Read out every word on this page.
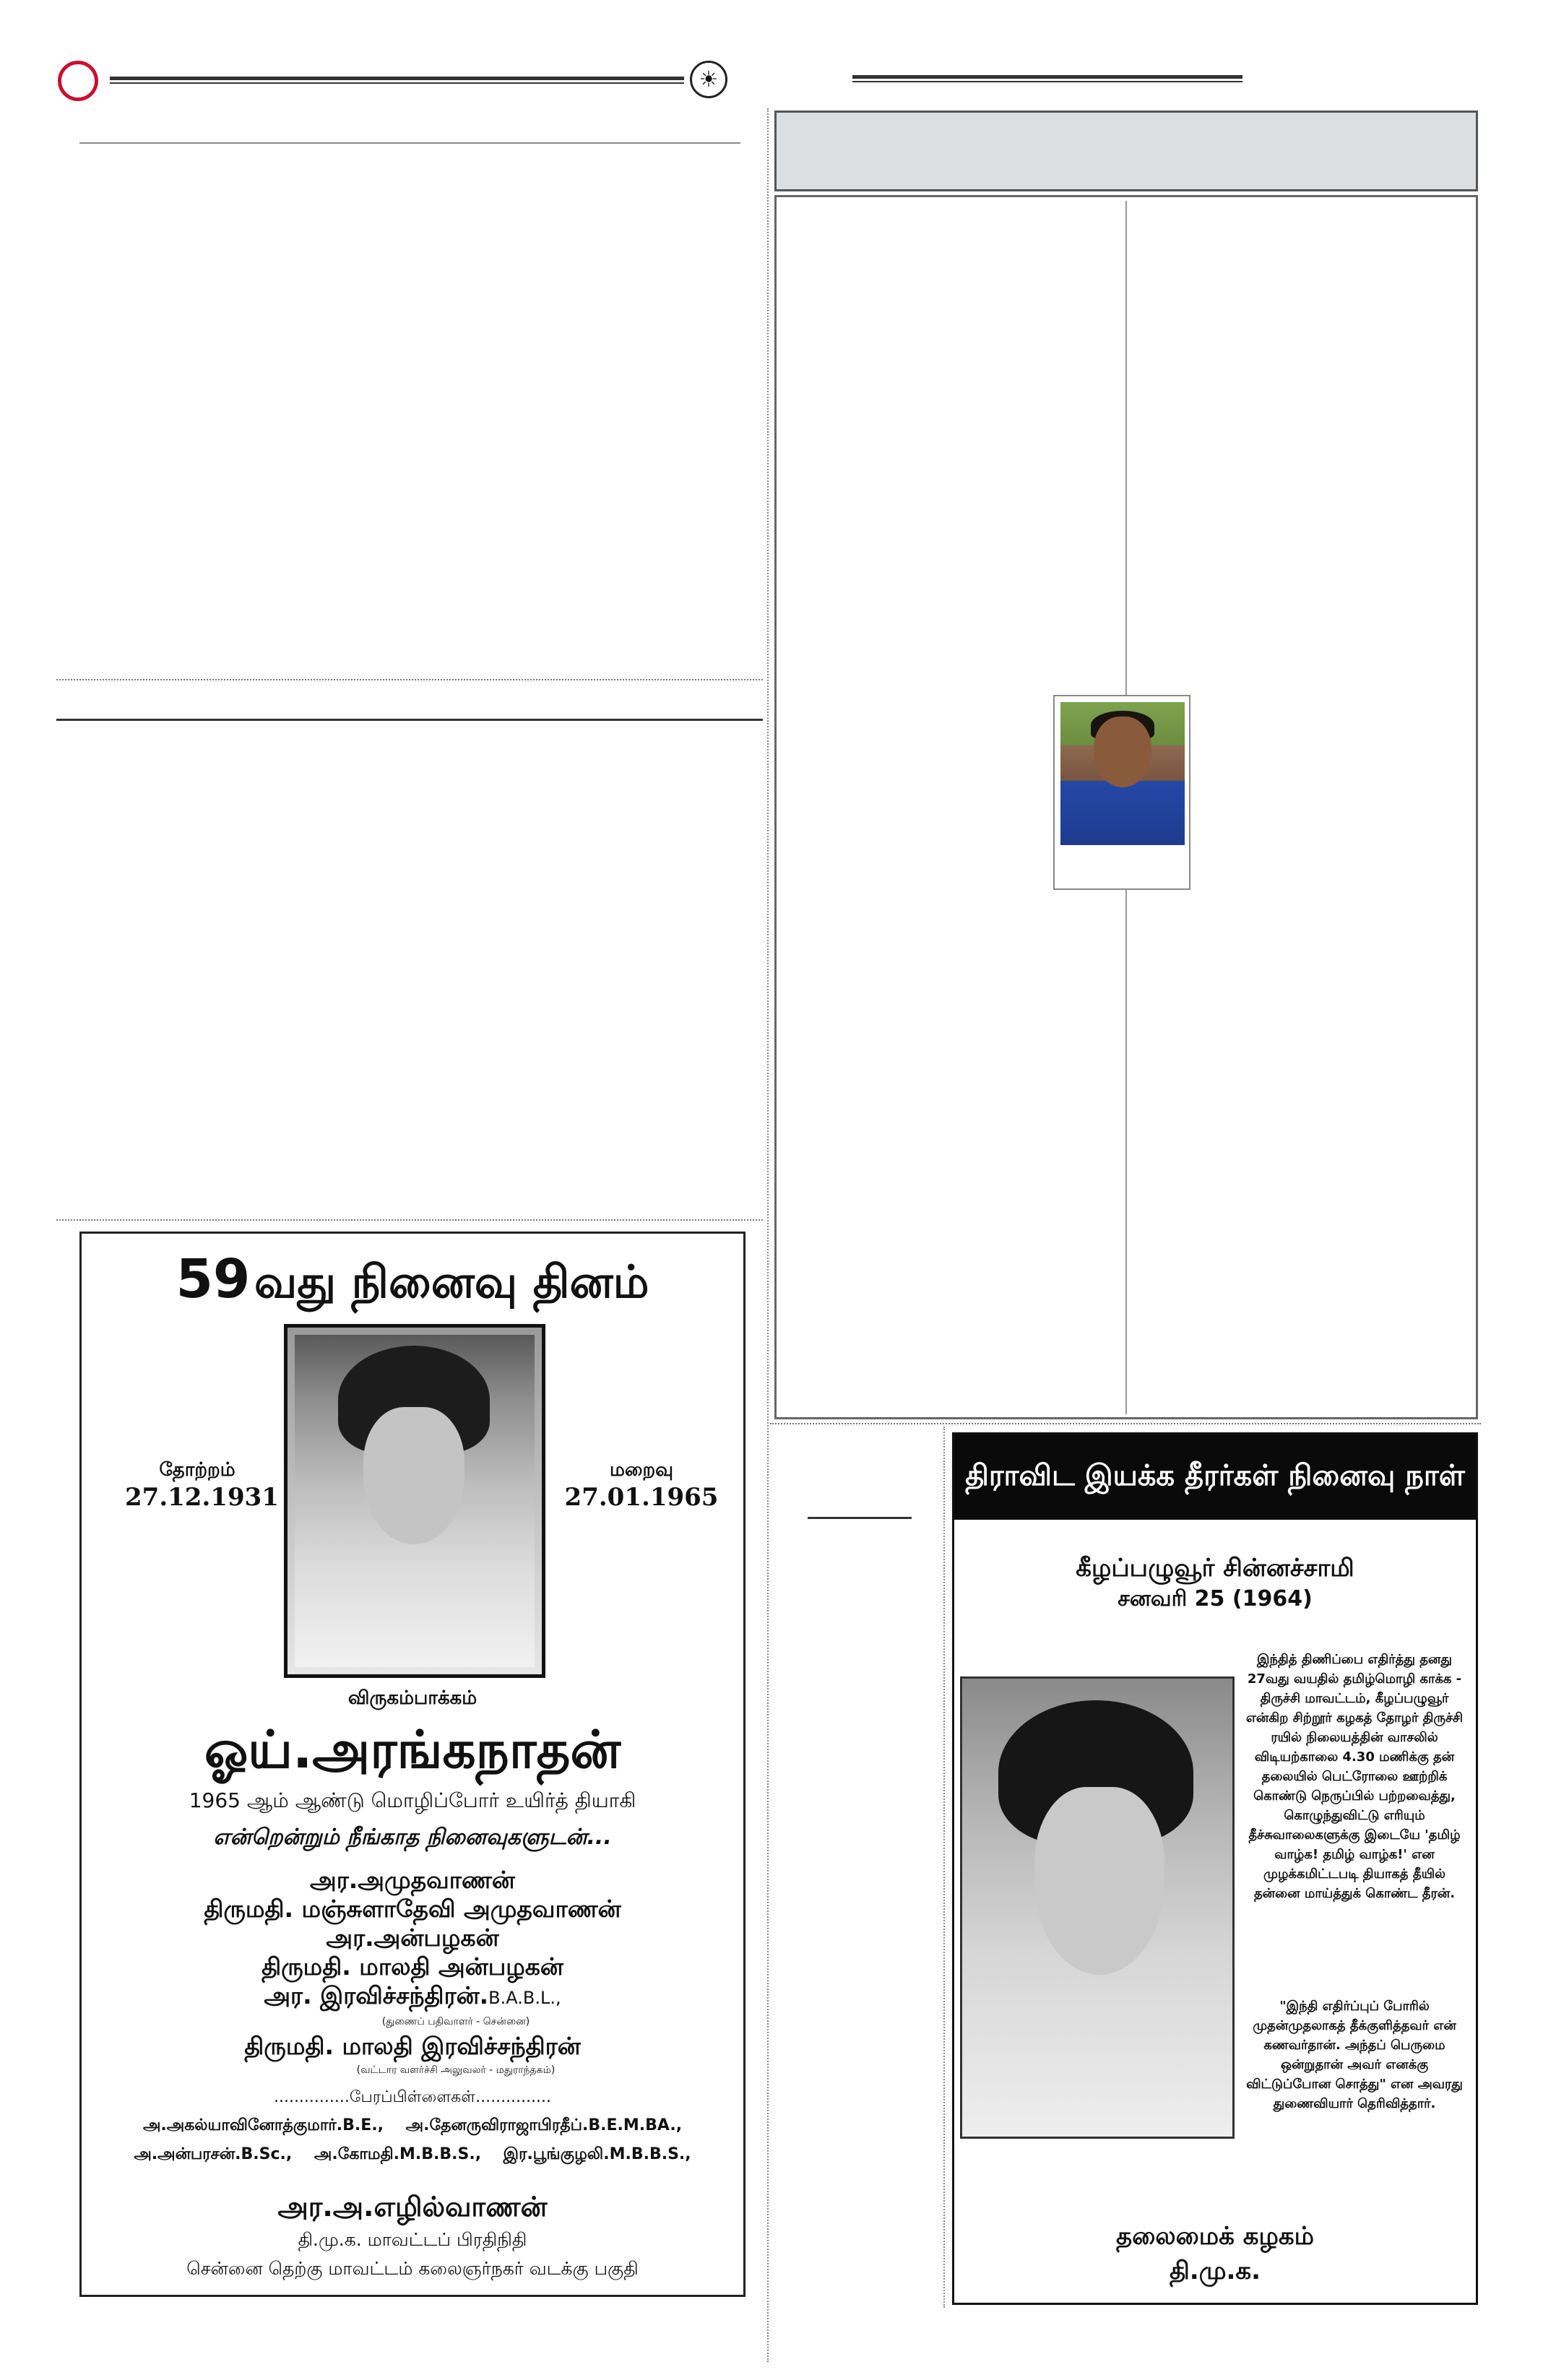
☀
59 வது நினைவு தினம்
தோற்றம்
27.12.1931
மறைவு
27.01.1965
விருகம்பாக்கம்
ஓய்.அரங்கநாதன்
1965 ஆம் ஆண்டு மொழிப்போர் உயிர்த் தியாகி
என்றென்றும் நீங்காத நினைவுகளுடன்...
அர.அமுதவாணன்
திருமதி. மஞ்சுளாதேவி அமுதவாணன்
அர.அன்பழகன்
திருமதி. மாலதி அன்பழகன்
அர. இரவிச்சந்திரன்.B.A.B.L.,
(துணைப் பதிவாளர் - சென்னை)
திருமதி. மாலதி இரவிச்சந்திரன்
(வட்டார வளர்ச்சி அலுவலர் - மதுராந்தகம்)
...............பேரப்பிள்ளைகள்...............
அ.அகல்யாவினோத்குமார்.B.E.,    அ.தேனருவிராஜாபிரதீப்.B.E.M.BA.,
அ.அன்பரசன்.B.Sc.,    அ.கோமதி.M.B.B.S.,    இர.பூங்குழலி.M.B.B.S.,
அர.அ.எழில்வாணன்
தி.மு.க. மாவட்டப் பிரதிநிதி
சென்னை தெற்கு மாவட்டம் கலைஞர்நகர் வடக்கு பகுதி
திராவிட இயக்க தீரர்கள் நினைவு நாள்
கீழப்பழுவூர் சின்னச்சாமி
சனவரி 25 (1964)
இந்தித் திணிப்பை எதிர்த்து தனது 27வது வயதில் தமிழ்மொழி காக்க - திருச்சி மாவட்டம், கீழப்பழுவூர் என்கிற சிற்றூர் கழகத் தோழர் திருச்சி ரயில் நிலையத்தின் வாசலில் விடியற்காலை 4.30 மணிக்கு தன் தலையில் பெட்ரோலை ஊற்றிக் கொண்டு நெருப்பில் பற்றவைத்து, கொழுந்துவிட்டு எரியும் தீச்சுவாலைகளுக்கு இடையே 'தமிழ் வாழ்க! தமிழ் வாழ்க!' என முழக்கமிட்டபடி தியாகத் தீயில் தன்னை மாய்த்துக் கொண்ட தீரன்.
"இந்தி எதிர்ப்புப் போரில் முதன்முதலாகத் தீக்குளித்தவர் என் கணவர்தான். அந்தப் பெருமை ஒன்றுதான் அவர் எனக்கு விட்டுப்போன சொத்து" என அவரது துணைவியார் தெரிவித்தார்.
தலைமைக் கழகம்
தி.மு.க.
